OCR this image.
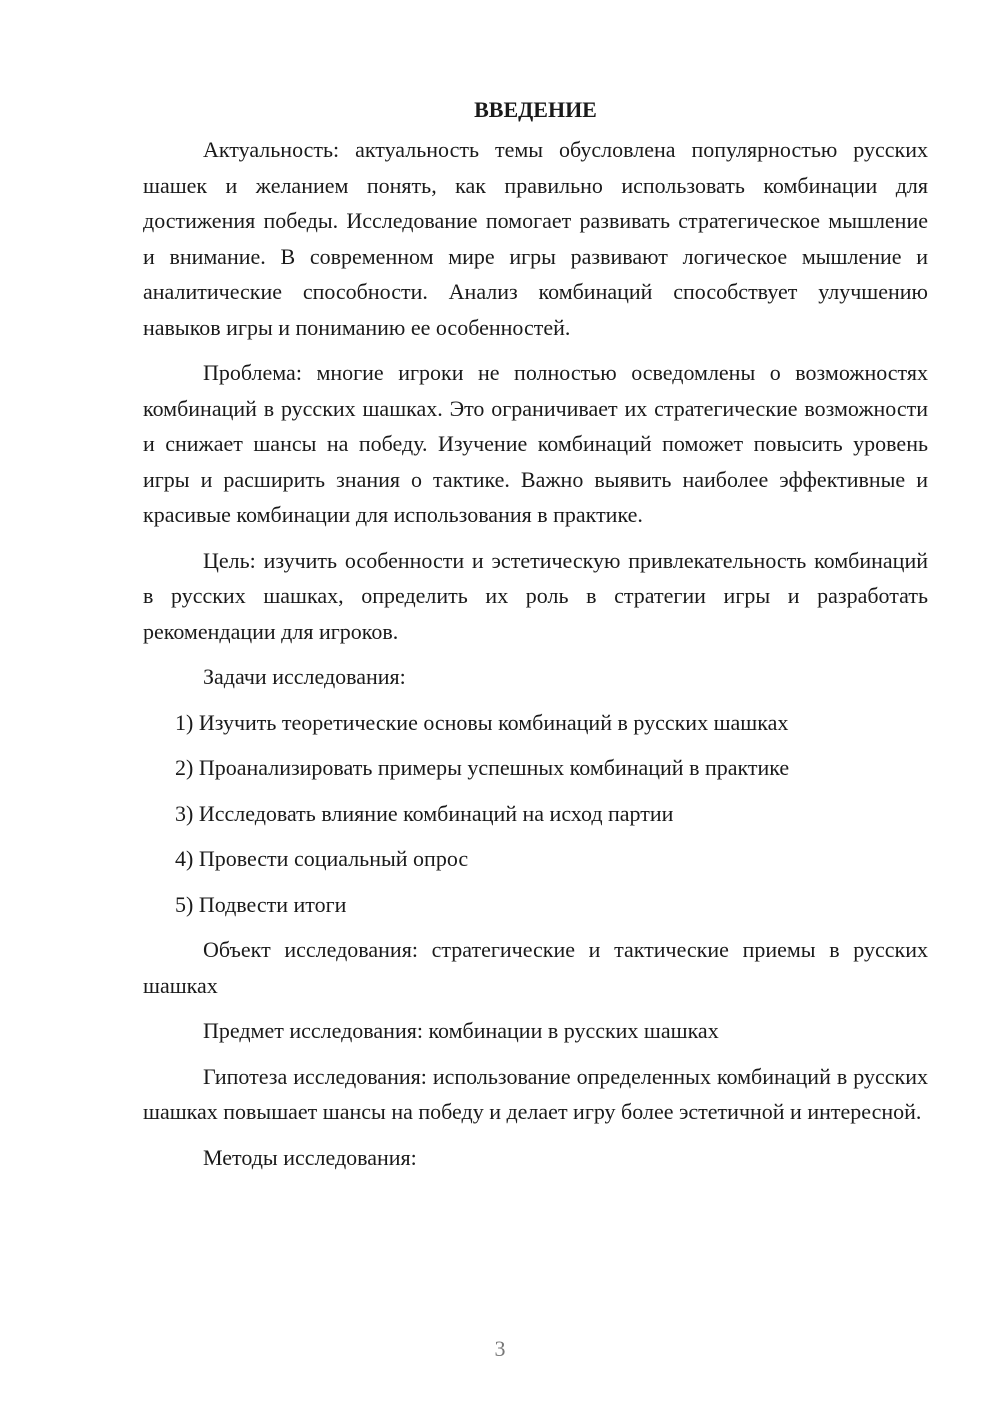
ВВЕДЕНИЕ

Актуальность: актуальность темы обусловлена популярностью русских шашек и желанием понять, как правильно использовать комбинации для достижения победы. Исследование помогает развивать стратегическое мышление и внимание. В современном мире игры развивают логическое мышление и аналитические способности. Анализ комбинаций способствует улучшению навыков игры и пониманию ее особенностей.

Проблема: многие игроки не полностью осведомлены о возможностях комбинаций в русских шашках. Это ограничивает их стратегические возможности и снижает шансы на победу. Изучение комбинаций поможет повысить уровень игры и расширить знания о тактике. Важно выявить наиболее эффективные и красивые комбинации для использования в практике.

Цель: изучить особенности и эстетическую привлекательность комбинаций в русских шашках, определить их роль в стратегии игры и разработать рекомендации для игроков.

Задачи исследования:

1) Изучить теоретические основы комбинаций в русских шашках
2) Проанализировать примеры успешных комбинаций в практике
3) Исследовать влияние комбинаций на исход партии
4) Провести социальный опрос
5) Подвести итоги

Объект исследования: стратегические и тактические приемы в русских шашках

Предмет исследования: комбинации в русских шашках

Гипотеза исследования: использование определенных комбинаций в русских шашках повышает шансы на победу и делает игру более эстетичной и интересной.

Методы исследования:

3
